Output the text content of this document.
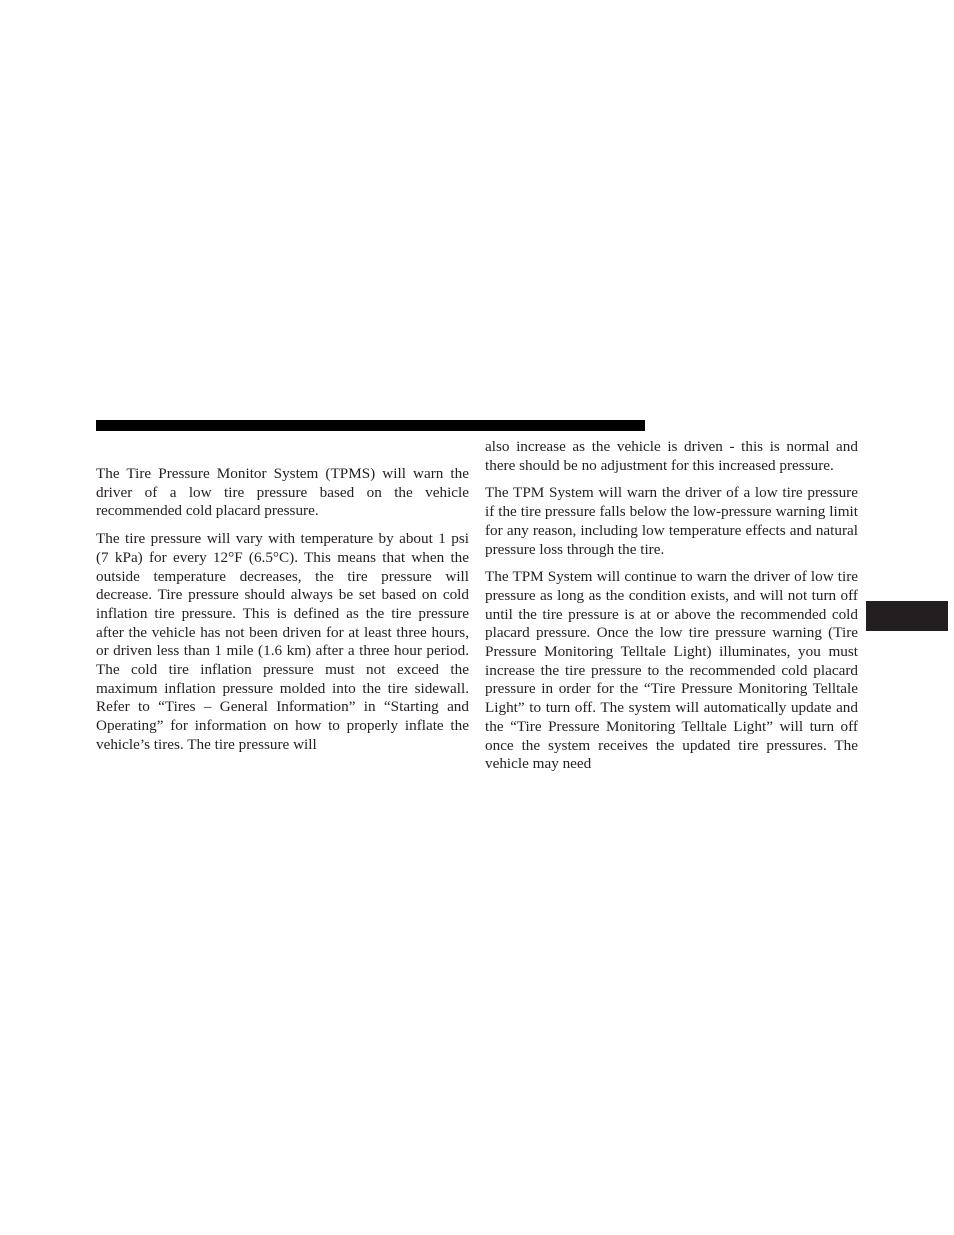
The Tire Pressure Monitor System (TPMS) will warn the driver of a low tire pressure based on the vehicle recommended cold placard pressure.

The tire pressure will vary with temperature by about 1 psi (7 kPa) for every 12°F (6.5°C). This means that when the outside temperature decreases, the tire pressure will decrease. Tire pressure should always be set based on cold inflation tire pressure. This is defined as the tire pressure after the vehicle has not been driven for at least three hours, or driven less than 1 mile (1.6 km) after a three hour period. The cold tire inflation pressure must not exceed the maximum inflation pressure molded into the tire sidewall. Refer to “Tires – General Information” in “Starting and Operating” for information on how to properly inflate the vehicle’s tires. The tire pressure will

also increase as the vehicle is driven - this is normal and there should be no adjustment for this increased pressure.

The TPM System will warn the driver of a low tire pressure if the tire pressure falls below the low-pressure warning limit for any reason, including low temperature effects and natural pressure loss through the tire.

The TPM System will continue to warn the driver of low tire pressure as long as the condition exists, and will not turn off until the tire pressure is at or above the recommended cold placard pressure. Once the low tire pressure warning (Tire Pressure Monitoring Telltale Light) illuminates, you must increase the tire pressure to the recommended cold placard pressure in order for the “Tire Pressure Monitoring Telltale Light” to turn off. The system will automatically update and the “Tire Pressure Monitoring Telltale Light” will turn off once the system receives the updated tire pressures. The vehicle may need
